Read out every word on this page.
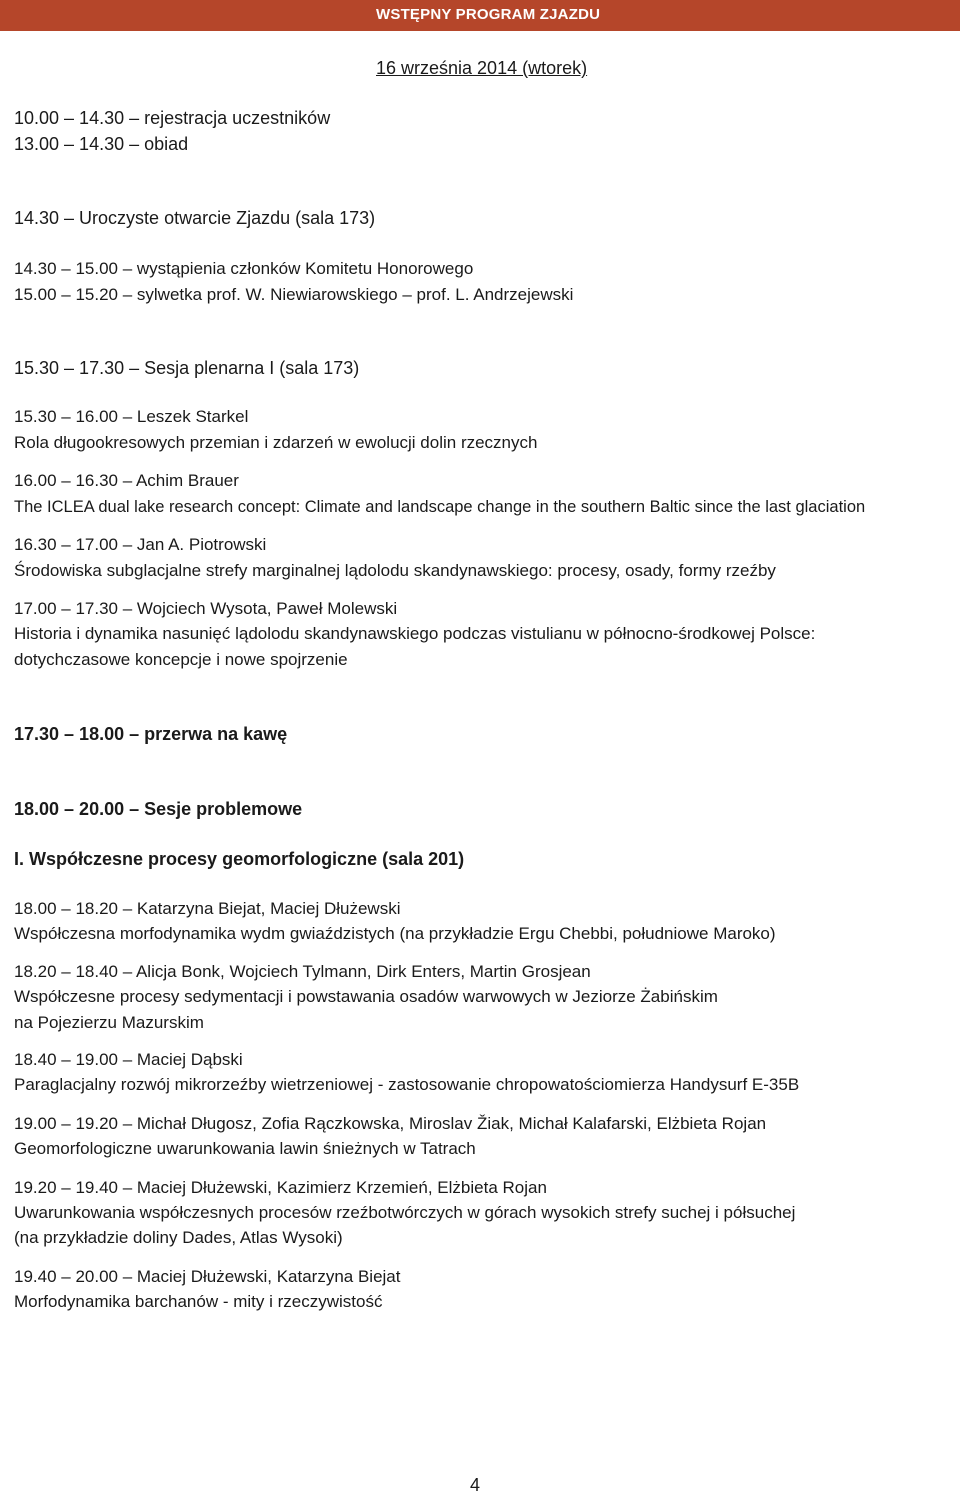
WSTĘPNY PROGRAM ZJAZDU
16 września 2014 (wtorek)
10.00 – 14.30 – rejestracja uczestników
13.00 – 14.30 – obiad
14.30 – Uroczyste otwarcie Zjazdu (sala 173)
14.30 – 15.00 – wystąpienia członków Komitetu Honorowego
15.00 – 15.20 – sylwetka prof. W. Niewiarowskiego – prof. L. Andrzejewski
15.30 – 17.30 – Sesja plenarna I (sala 173)
15.30 – 16.00 – Leszek Starkel
Rola długookresowych przemian i zdarzeń w ewolucji dolin rzecznych
16.00 – 16.30 – Achim Brauer
The ICLEA dual lake research concept: Climate and landscape change in the southern Baltic since the last glaciation
16.30 – 17.00 – Jan A. Piotrowski
Środowiska subglacjalne strefy marginalnej lądolodu skandynawskiego: procesy, osady, formy rzeźby
17.00 – 17.30 – Wojciech Wysota, Paweł Molewski
Historia i dynamika nasunięć lądolodu skandynawskiego podczas vistulianu w północno-środkowej Polsce:
dotychczasowe koncepcje i nowe spojrzenie
17.30 – 18.00 – przerwa na kawę
18.00 – 20.00 – Sesje problemowe
I. Współczesne procesy geomorfologiczne (sala 201)
18.00 – 18.20 – Katarzyna Biejat, Maciej Dłużewski
Współczesna morfodynamika wydm gwiaździstych (na przykładzie Ergu Chebbi, południowe Maroko)
18.20 – 18.40 – Alicja Bonk, Wojciech Tylmann, Dirk Enters, Martin Grosjean
Współczesne procesy sedymentacji i powstawania osadów warwowych w Jeziorze Żabińskim
na Pojezierzu Mazurskim
18.40 – 19.00 – Maciej Dąbski
Paraglacjalny rozwój mikrorzeźby wietrzeniowej - zastosowanie chropowatościomierza Handysurf E-35B
19.00 – 19.20 – Michał Długosz, Zofia Rączkowska, Miroslav Žiak, Michał Kalafarski, Elżbieta Rojan
Geomorfologiczne uwarunkowania lawin śnieżnych w Tatrach
19.20 – 19.40 – Maciej Dłużewski, Kazimierz Krzemień, Elżbieta Rojan
Uwarunkowania współczesnych procesów rzeźbotwórczych w górach wysokich strefy suchej i półsuchej
(na przykładzie doliny Dades, Atlas Wysoki)
19.40 – 20.00 – Maciej Dłużewski, Katarzyna Biejat
Morfodynamika barchanów - mity i rzeczywistość
4
